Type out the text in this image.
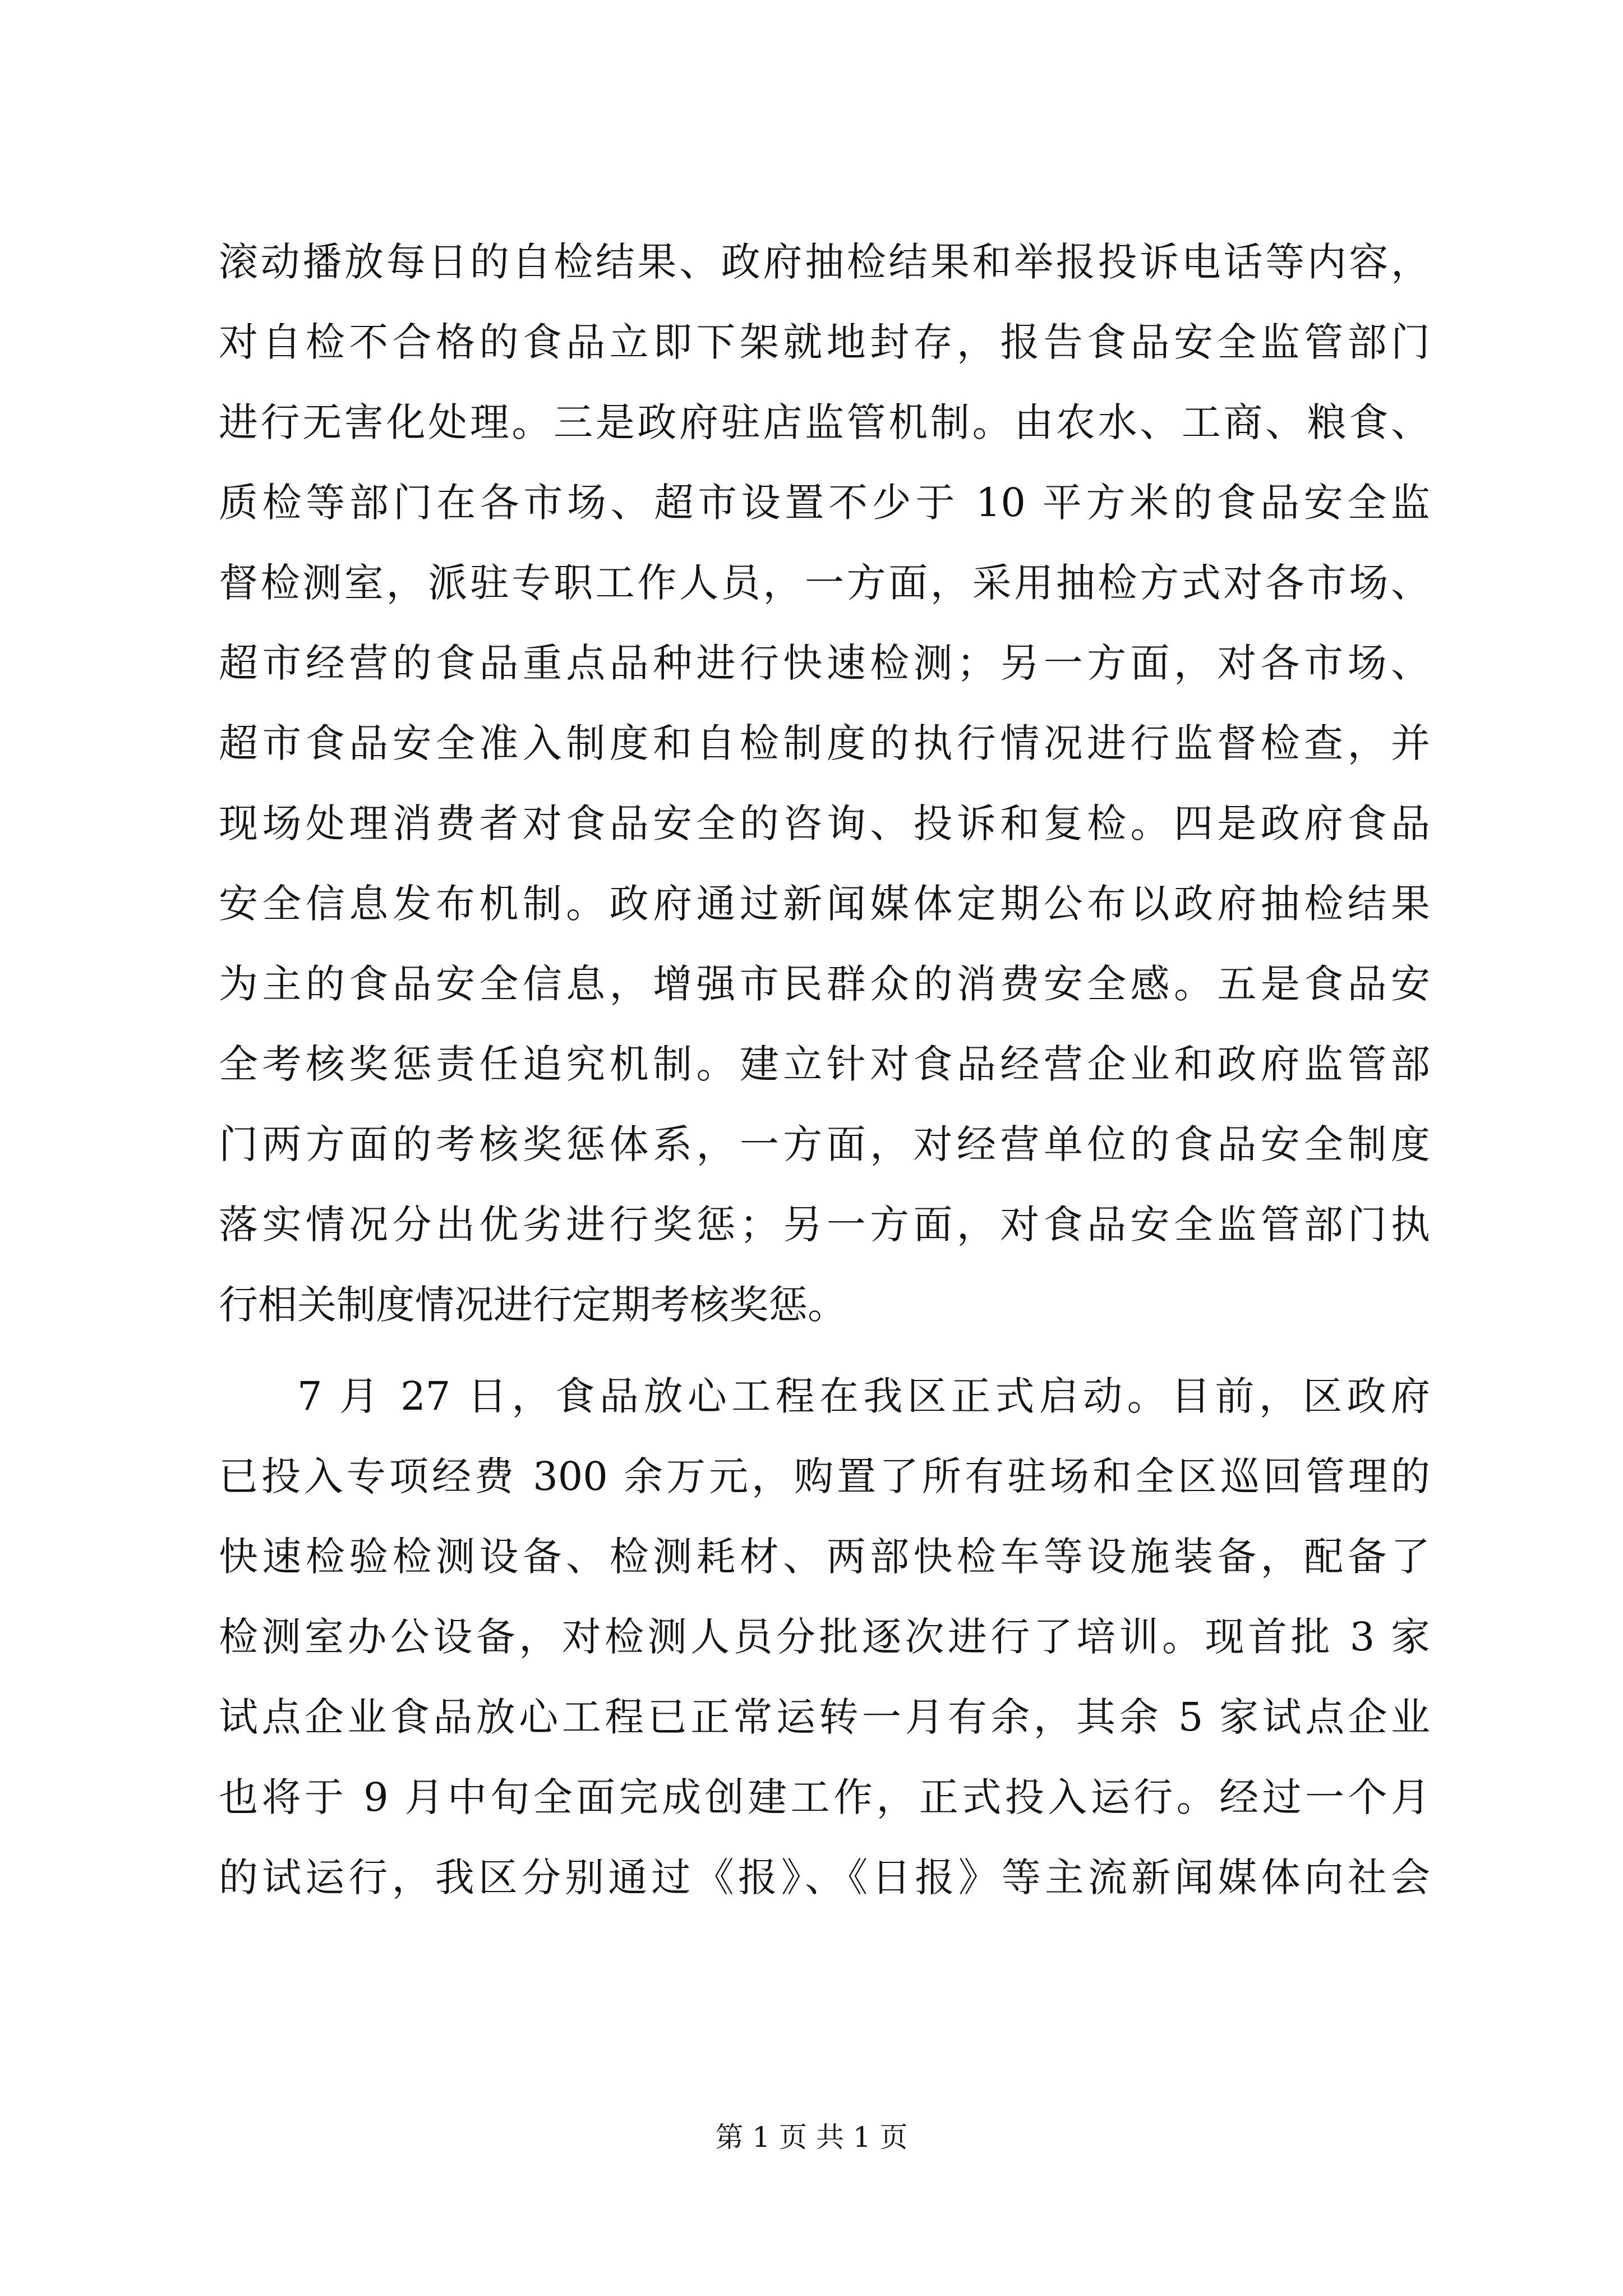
滚动播放每日的自检结果、政府抽检结果和举报投诉电话等内容，
对自检不合格的食品立即下架就地封存，报告食品安全监管部门
进行无害化处理。三是政府驻店监管机制。由农水、工商、粮食、
质检等部门在各市场、超市设置不少于 10 平方米的食品安全监
督检测室，派驻专职工作人员，一方面，采用抽检方式对各市场、
超市经营的食品重点品种进行快速检测；另一方面，对各市场、
超市食品安全准入制度和自检制度的执行情况进行监督检查，并
现场处理消费者对食品安全的咨询、投诉和复检。四是政府食品
安全信息发布机制。政府通过新闻媒体定期公布以政府抽检结果
为主的食品安全信息，增强市民群众的消费安全感。五是食品安
全考核奖惩责任追究机制。建立针对食品经营企业和政府监管部
门两方面的考核奖惩体系，一方面，对经营单位的食品安全制度
落实情况分出优劣进行奖惩；另一方面，对食品安全监管部门执
行相关制度情况进行定期考核奖惩。
7 月 27 日，食品放心工程在我区正式启动。目前，区政府
已投入专项经费 300 余万元，购置了所有驻场和全区巡回管理的
快速检验检测设备、检测耗材、两部快检车等设施装备，配备了
检测室办公设备，对检测人员分批逐次进行了培训。现首批 3 家
试点企业食品放心工程已正常运转一月有余，其余 5 家试点企业
也将于 9 月中旬全面完成创建工作，正式投入运行。经过一个月
的试运行，我区分别通过《报》、《日报》等主流新闻媒体向社会
第 1 页 共 1 页
